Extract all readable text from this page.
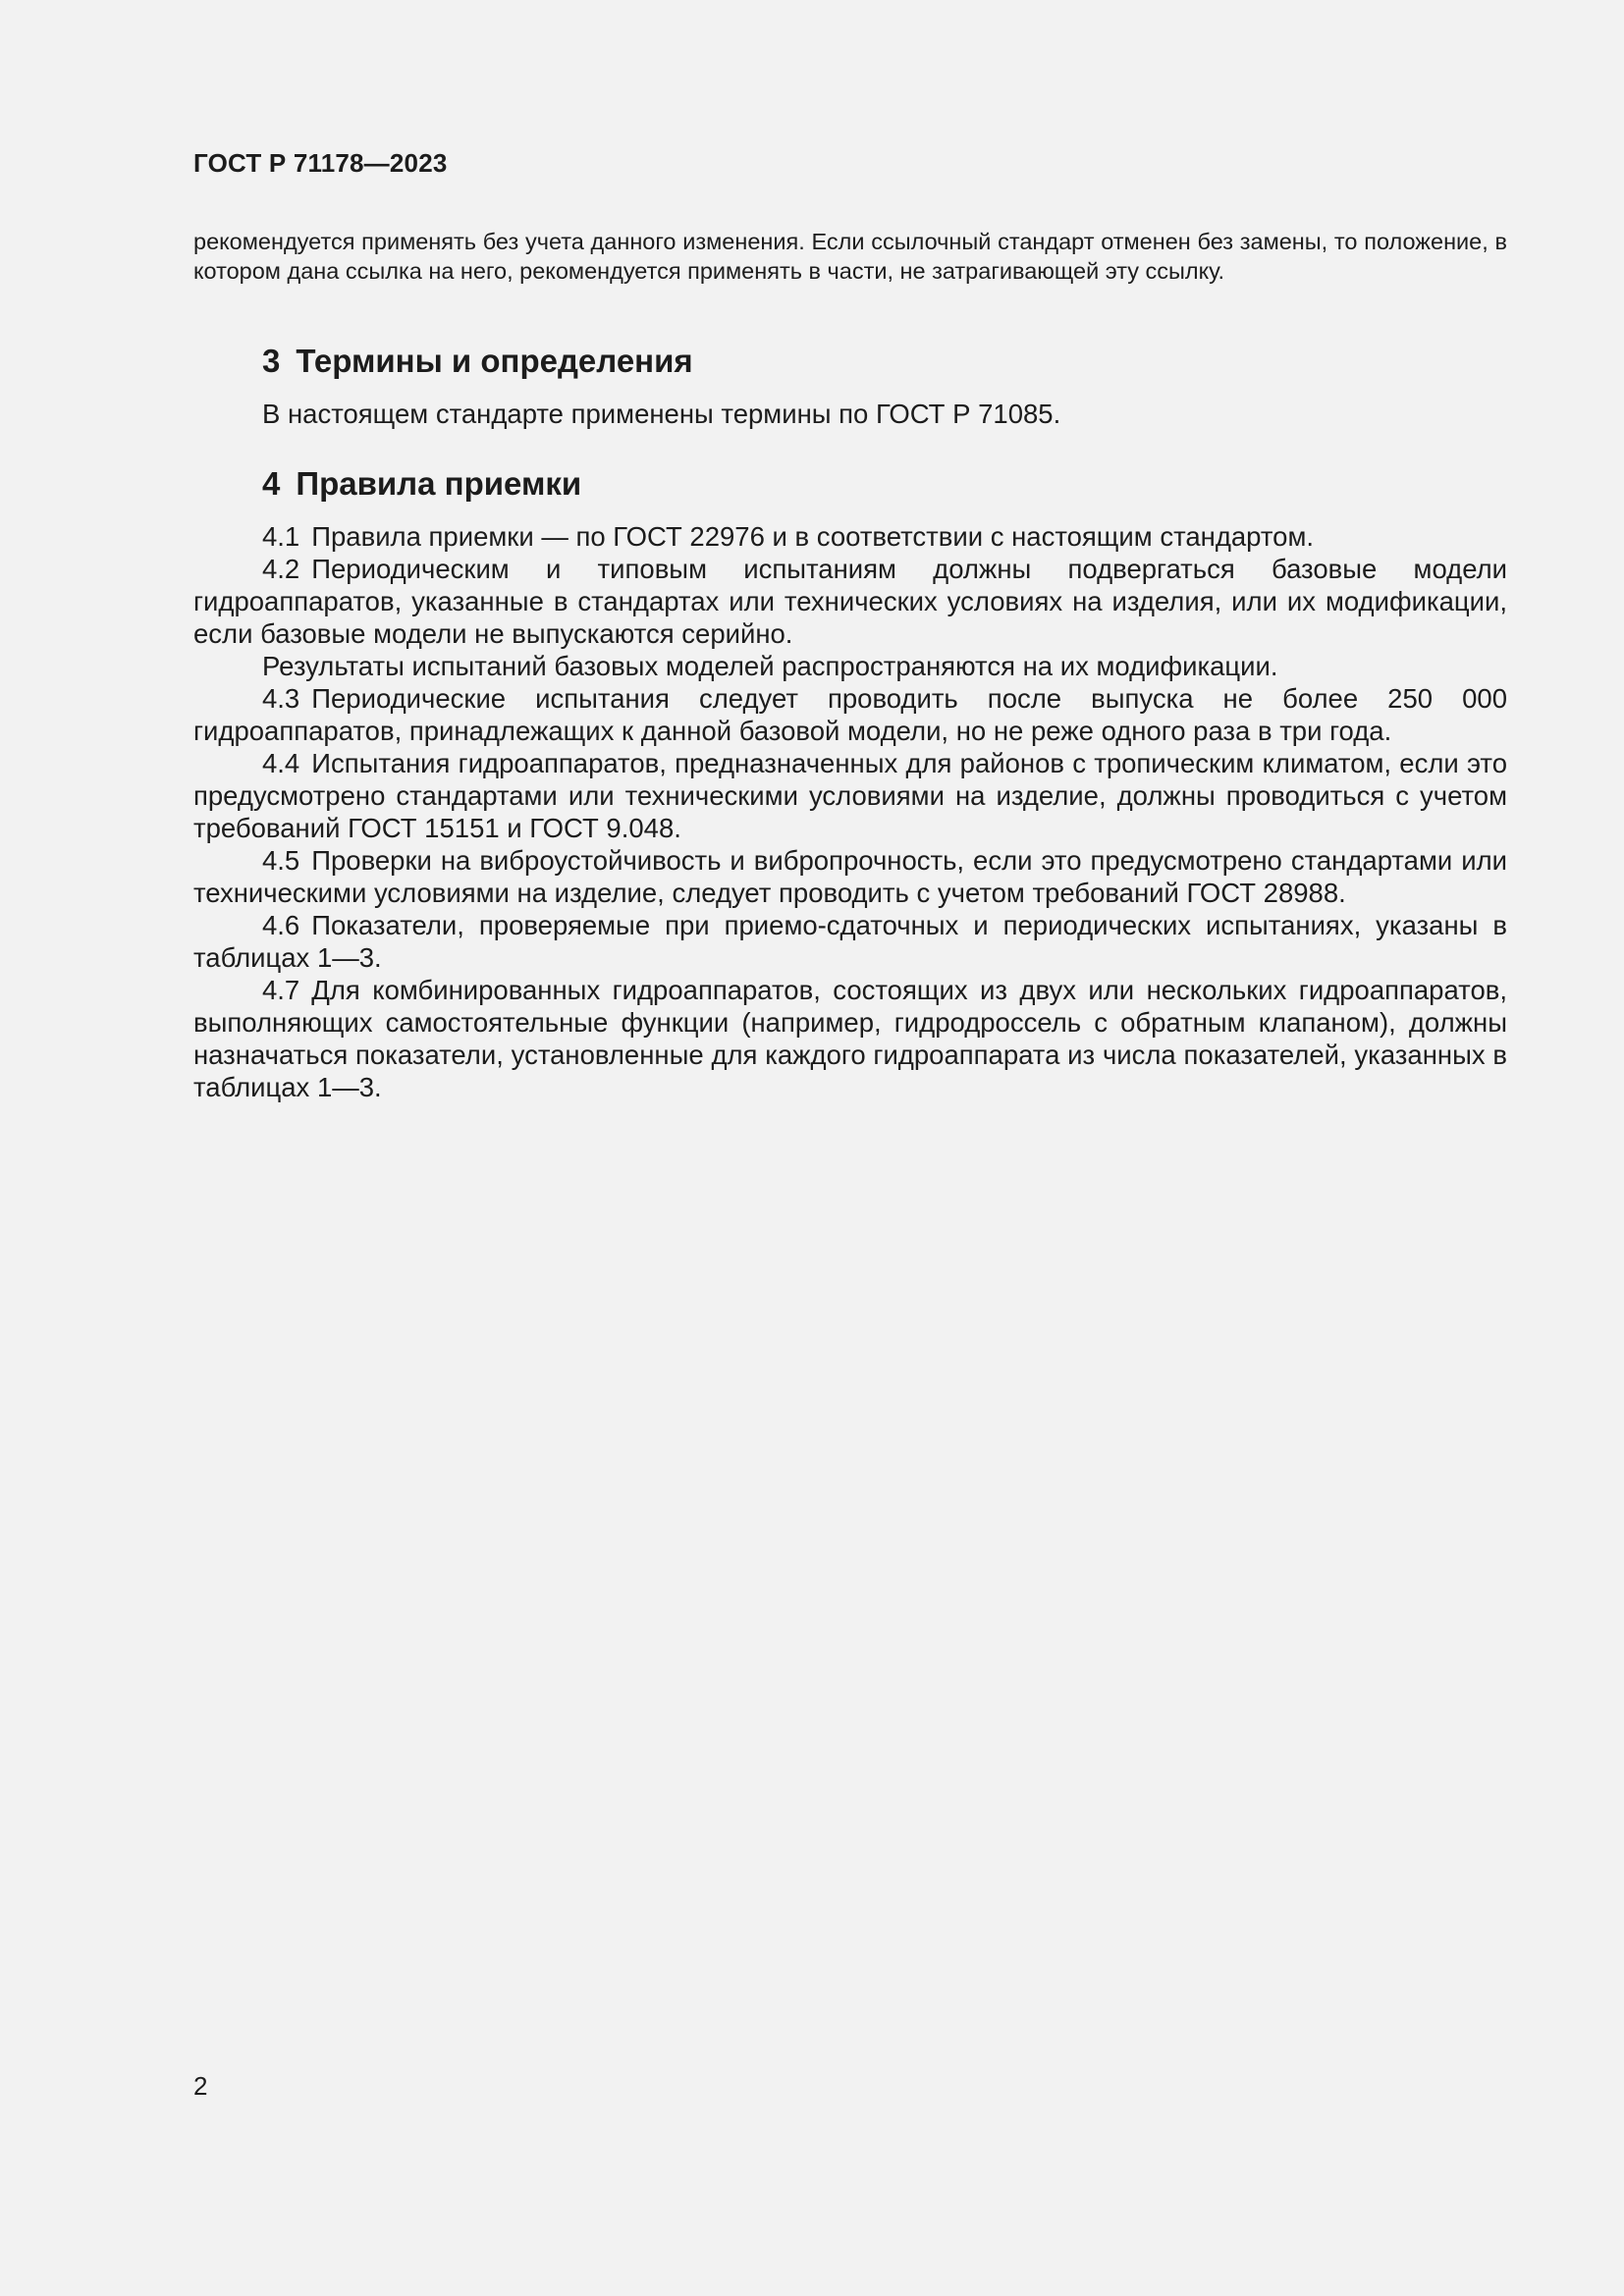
ГОСТ Р 71178—2023

рекомендуется применять без учета данного изменения. Если ссылочный стандарт отменен без замены, то положение, в котором дана ссылка на него, рекомендуется применять в части, не затрагивающей эту ссылку.

3 Термины и определения

В настоящем стандарте применены термины по ГОСТ Р 71085.

4 Правила приемки

4.1 Правила приемки — по ГОСТ 22976 и в соответствии с настоящим стандартом.

4.2 Периодическим и типовым испытаниям должны подвергаться базовые модели гидроаппаратов, указанные в стандартах или технических условиях на изделия, или их модификации, если базовые модели не выпускаются серийно.

Результаты испытаний базовых моделей распространяются на их модификации.

4.3 Периодические испытания следует проводить после выпуска не более 250 000 гидроаппаратов, принадлежащих к данной базовой модели, но не реже одного раза в три года.

4.4 Испытания гидроаппаратов, предназначенных для районов с тропическим климатом, если это предусмотрено стандартами или техническими условиями на изделие, должны проводиться с учетом требований ГОСТ 15151 и ГОСТ 9.048.

4.5 Проверки на виброустойчивость и вибропрочность, если это предусмотрено стандартами или техническими условиями на изделие, следует проводить с учетом требований ГОСТ 28988.

4.6 Показатели, проверяемые при приемо-сдаточных и периодических испытаниях, указаны в таблицах 1—3.

4.7 Для комбинированных гидроаппаратов, состоящих из двух или нескольких гидроаппаратов, выполняющих самостоятельные функции (например, гидродроссель с обратным клапаном), должны назначаться показатели, установленные для каждого гидроаппарата из числа показателей, указанных в таблицах 1—3.

2
